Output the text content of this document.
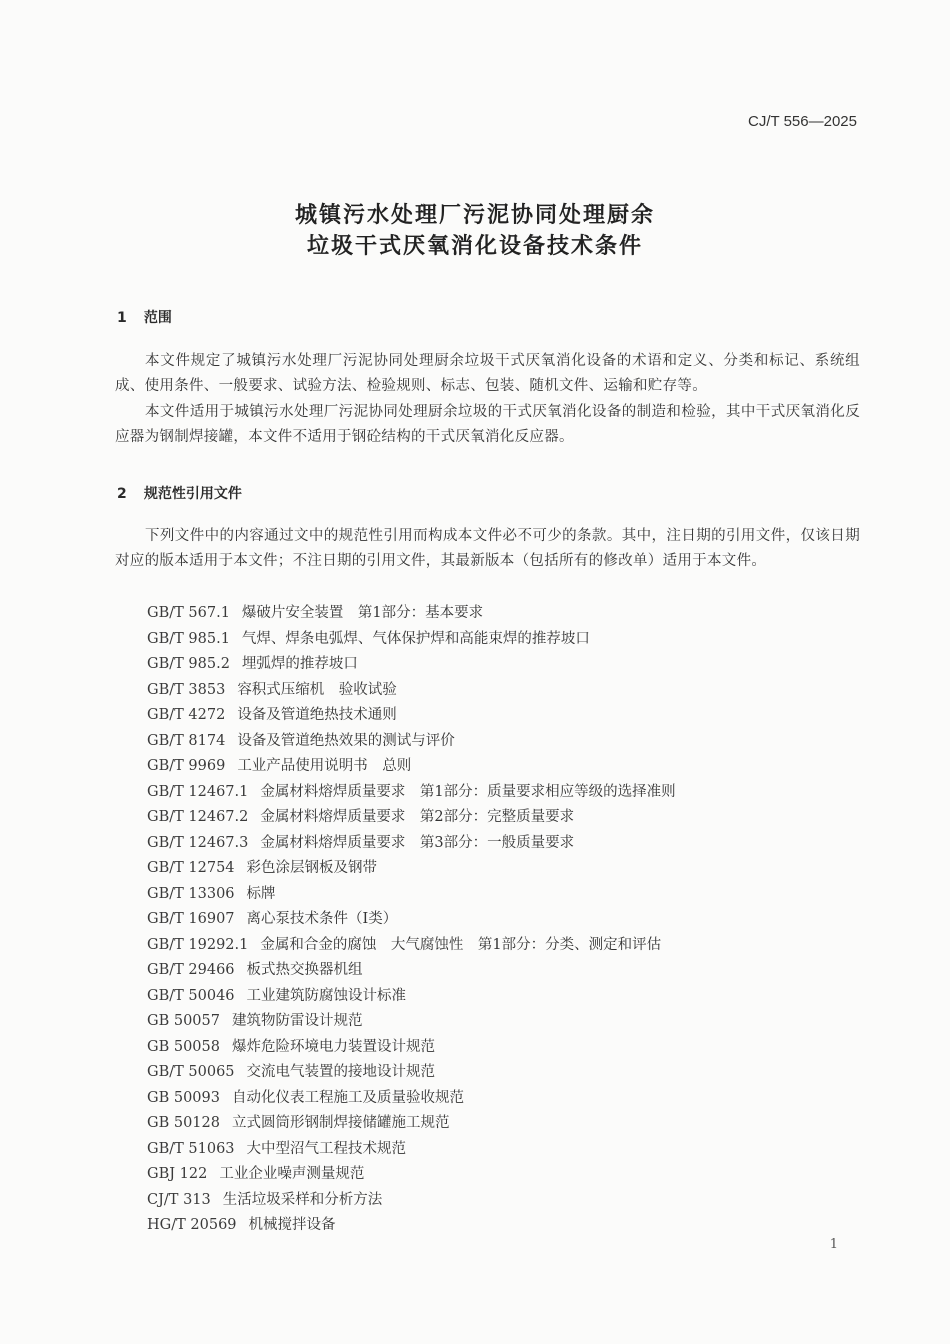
CJ/T 556—2025
城镇污水处理厂污泥协同处理厨余
垃圾干式厌氧消化设备技术条件
1 范围

本文件规定了城镇污水处理厂污泥协同处理厨余垃圾干式厌氧消化设备的术语和定义、分类和标记、系统组成、使用条件、一般要求、试验方法、检验规则、标志、包装、随机文件、运输和贮存等。

本文件适用于城镇污水处理厂污泥协同处理厨余垃圾的干式厌氧消化设备的制造和检验，其中干式厌氧消化反应器为钢制焊接罐，本文件不适用于钢砼结构的干式厌氧消化反应器。

2 规范性引用文件

下列文件中的内容通过文中的规范性引用而构成本文件必不可少的条款。其中，注日期的引用文件，仅该日期对应的版本适用于本文件；不注日期的引用文件，其最新版本（包括所有的修改单）适用于本文件。

GB/T 567.1 爆破片安全装置　第1部分：基本要求
GB/T 985.1 气焊、焊条电弧焊、气体保护焊和高能束焊的推荐坡口
GB/T 985.2 埋弧焊的推荐坡口
GB/T 3853 容积式压缩机　验收试验
GB/T 4272 设备及管道绝热技术通则
GB/T 8174 设备及管道绝热效果的测试与评价
GB/T 9969 工业产品使用说明书　总则
GB/T 12467.1 金属材料熔焊质量要求　第1部分：质量要求相应等级的选择准则
GB/T 12467.2 金属材料熔焊质量要求　第2部分：完整质量要求
GB/T 12467.3 金属材料熔焊质量要求　第3部分：一般质量要求
GB/T 12754 彩色涂层钢板及钢带
GB/T 13306 标牌
GB/T 16907 离心泵技术条件（Ⅰ类）
GB/T 19292.1 金属和合金的腐蚀　大气腐蚀性　第1部分：分类、测定和评估
GB/T 29466 板式热交换器机组
GB/T 50046 工业建筑防腐蚀设计标准
GB 50057 建筑物防雷设计规范
GB 50058 爆炸危险环境电力装置设计规范
GB/T 50065 交流电气装置的接地设计规范
GB 50093 自动化仪表工程施工及质量验收规范
GB 50128 立式圆筒形钢制焊接储罐施工规范
GB/T 51063 大中型沼气工程技术规范
GBJ 122 工业企业噪声测量规范
CJ/T 313 生活垃圾采样和分析方法
HG/T 20569 机械搅拌设备
1
